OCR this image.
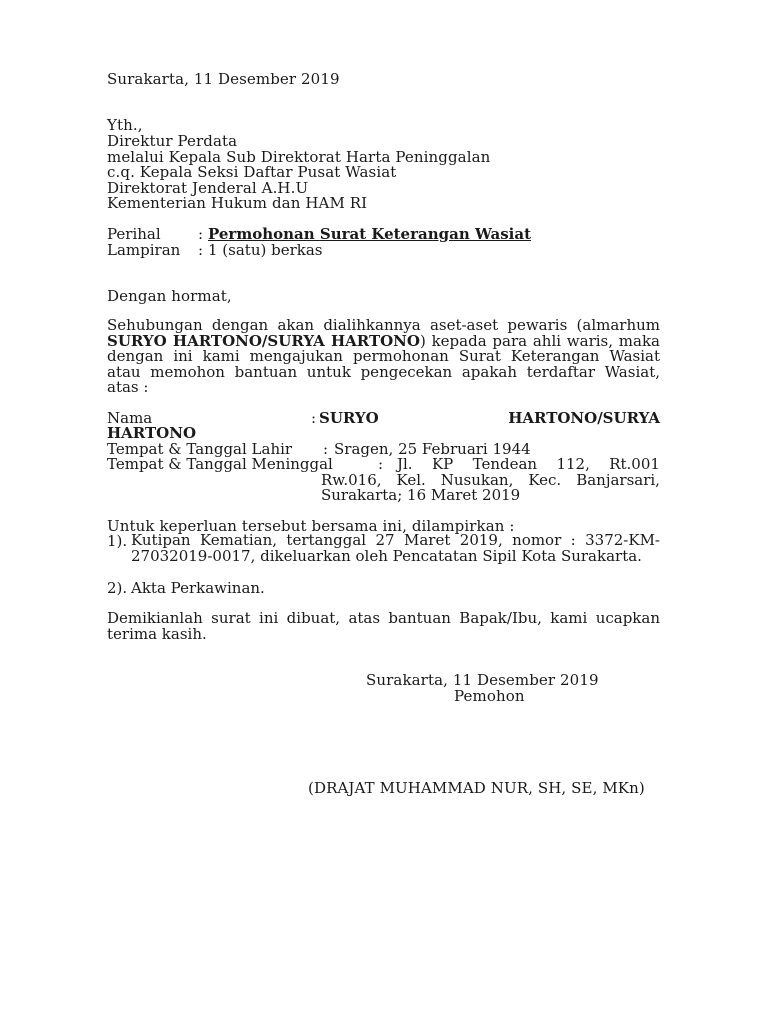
Surakarta, 11 Desember 2019
Yth.,
Direktur Perdata
melalui Kepala Sub Direktorat Harta Peninggalan
c.q. Kepala Seksi Daftar Pusat Wasiat
Direktorat Jenderal A.H.U
Kementerian Hukum dan HAM RI
Perihal : Permohonan Surat Keterangan Wasiat
Lampiran : 1 (satu) berkas
Dengan hormat,
Sehubungan dengan akan dialihkannya aset-aset pewaris (almarhum SURYO HARTONO/SURYA HARTONO) kepada para ahli waris, maka dengan ini kami mengajukan permohonan Surat Keterangan Wasiat atau memohon bantuan untuk pengecekan apakah terdaftar Wasiat, atas :
Nama	: SURYO	HARTONO/SURYA
HARTONO
Tempat & Tanggal Lahir : Sragen, 25 Februari 1944
Tempat & Tanggal Meninggal	: Jl. KP Tendean 112, Rt.001
Rw.016, Kel. Nusukan, Kec. Banjarsari,
Surakarta; 16 Maret 2019
Untuk keperluan tersebut bersama ini, dilampirkan :
1). Kutipan Kematian, tertanggal 27 Maret 2019, nomor : 3372-KM-27032019-0017, dikeluarkan oleh Pencatatan Sipil Kota Surakarta.
2). Akta Perkawinan.
Demikianlah surat ini dibuat, atas bantuan Bapak/Ibu, kami ucapkan terima kasih.
Surakarta, 11 Desember 2019
Pemohon
(DRAJAT MUHAMMAD NUR, SH, SE, MKn)
